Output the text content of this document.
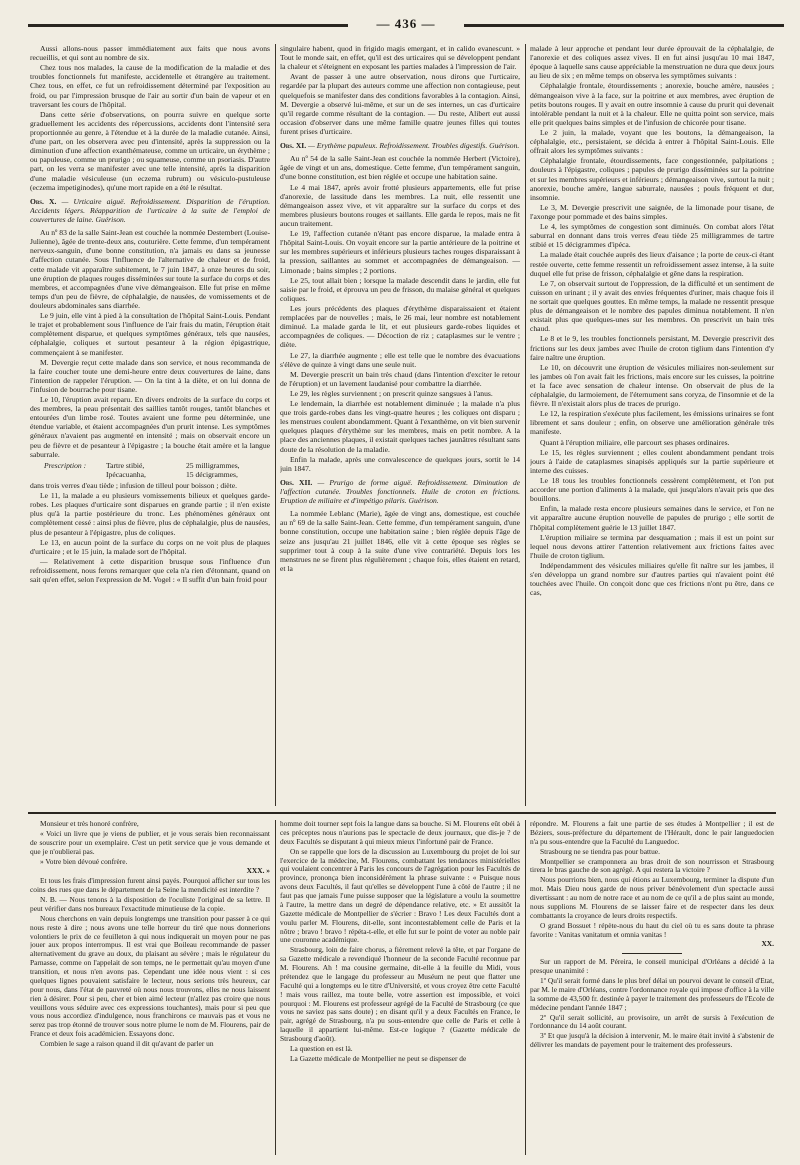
— 436 —

Aussi allons-nous passer immédiatement aux faits que nous avons recueillis, et qui sont au nombre de six.

Chez tous nos malades, la cause de la modification de la maladie et des troubles fonctionnels fut manifeste, accidentelle et étrangère au traitement. Chez tous, en effet, ce fut un refroidissement déterminé par l'exposition au froid, ou par l'impression brusque de l'air au sortir d'un bain de vapeur et en traversant les cours de l'hôpital.

Dans cette série d'observations, on pourra suivre en quelque sorte graduellement les accidents des répercussions, accidents dont l'intensité sera proportionnée au genre, à l'étendue et à la durée de la maladie cutanée. Ainsi, d'une part, on les observera avec peu d'intensité, après la suppression ou la diminution d'une affection exanthémateuse, comme un urticaire, un érythème ; ou papuleuse, comme un prurigo ; ou squameuse, comme un psoriasis. D'autre part, on les verra se manifester avec une telle intensité, après la disparition d'une maladie vésiculeuse (un eczema rubrum) ou vésiculo-pustuleuse (eczema impetiginodes), qu'une mort rapide en a été le résultat.

Obs. X. — Urticaire aiguë. Refroidissement. Disparition de l'éruption. Accidents légers. Réapparition de l'urticaire à la suite de l'emploi de couvertures de laine. Guérison.

Au nº 83 de la salle Saint-Jean est couchée la nommée Destembert (Louise-Julienne), âgée de trente-deux ans, couturière. Cette femme, d'un tempérament nerveux-sanguin, d'une bonne constitution, n'a jamais eu dans sa jeunesse d'affection cutanée. Sous l'influence de l'alternative de chaleur et de froid, cette malade vit apparaître subitement, le 7 juin 1847, à onze heures du soir, une éruption de plaques rouges disséminées sur toute la surface du corps et des membres, et accompagnées d'une vive démangeaison. Elle fut prise en même temps d'un peu de fièvre, de céphalalgie, de nausées, de vomissements et de douleurs abdominales sans diarrhée.

Le 9 juin, elle vint à pied à la consultation de l'hôpital Saint-Louis. Pendant le trajet et probablement sous l'influence de l'air frais du matin, l'éruption était complètement disparue, et quelques symptômes généraux, tels que nausées, céphalalgie, coliques et surtout pesanteur à la région épigastrique, commençaient à se manifester.

M. Devergie reçut cette malade dans son service, et nous recommanda de la faire coucher toute une demi-heure entre deux couvertures de laine, dans l'intention de rappeler l'éruption. — On la tint à la diète, et on lui donna de l'infusion de bourrache pour tisane.

Le 10, l'éruption avait reparu. En divers endroits de la surface du corps et des membres, la peau présentait des saillies tantôt rouges, tantôt blanches et entourées d'un limbe rosé. Toutes avaient une forme peu déterminée, une étendue variable, et étaient accompagnées d'un prurit intense. Les symptômes généraux n'avaient pas augmenté en intensité ; mais on observait encore un peu de fièvre et de pesanteur à l'épigastre ; la bouche était amère et la langue saburrale.

Prescription :	Tartre stibié,	25 milligrammes,
Ipécacuanha,	15 décigrammes,

dans trois verres d'eau tiède ; infusion de tilleul pour boisson ; diète.

Le 11, la malade a eu plusieurs vomissements bilieux et quelques garde-robes. Les plaques d'urticaire sont disparues en grande partie ; il n'en existe plus qu'à la partie postérieure du tronc. Les phénomènes généraux ont complètement cessé : ainsi plus de fièvre, plus de céphalalgie, plus de nausées, plus de pesanteur à l'épigastre, plus de coliques.

Le 13, en aucun point de la surface du corps on ne voit plus de plaques d'urticaire ; et le 15 juin, la malade sort de l'hôpital.

— Relativement à cette disparition brusque sous l'influence d'un refroidissement, nous ferons remarquer que cela n'a rien d'étonnant, quand on sait qu'en effet, selon l'expression de M. Vogel : « Il suffit d'un bain froid pour

singulaire habent, quod in frigido magis emergant, et in calido evanescunt. » Tout le monde sait, en effet, qu'il est des urticaires qui se développent pendant la chaleur et s'éteignent en exposant les parties malades à l'impression de l'air.

Avant de passer à une autre observation, nous dirons que l'urticaire, regardée par la plupart des auteurs comme une affection non contagieuse, peut quelquefois se manifester dans des conditions favorables à la contagion. Ainsi, M. Devergie a observé lui-même, et sur un de ses internes, un cas d'urticaire qu'il regarde comme résultant de la contagion. — Du reste, Alibert eut aussi occasion d'observer dans une même famille quatre jeunes filles qui toutes furent prises d'urticaire.

Obs. XI. — Erythème papuleux. Refroidissement. Troubles digestifs. Guérison.

Au nº 54 de la salle Saint-Jean est couchée la nommée Herbert (Victoire), âgée de vingt et un ans, domestique. Cette femme, d'un tempérament sanguin, d'une bonne constitution, est bien réglée et occupe une habitation saine.

Le 4 mai 1847, après avoir frotté plusieurs appartements, elle fut prise d'anorexie, de lassitude dans les membres. La nuit, elle ressentit une démangeaison assez vive, et vit apparaître sur la surface du corps et des membres plusieurs boutons rouges et saillants. Elle garda le repos, mais ne fit aucun traitement.

Le 19, l'affection cutanée n'étant pas encore disparue, la malade entra à l'hôpital Saint-Louis. On voyait encore sur la partie antérieure de la poitrine et sur les membres supérieurs et inférieurs plusieurs taches rouges disparaissant à la pression, saillantes au sommet et accompagnées de démangeaison. — Limonade ; bains simples ; 2 portions.

Le 25, tout allait bien ; lorsque la malade descendit dans le jardin, elle fut saisie par le froid, et éprouva un peu de frisson, du malaise général et quelques coliques.

Les jours précédents des plaques d'érythème disparaissaient et étaient remplacées par de nouvelles ; mais, le 26 mai, leur nombre est notablement diminué. La malade garda le lit, et eut plusieurs garde-robes liquides et accompagnées de coliques. — Décoction de riz ; cataplasmes sur le ventre ; diète.

Le 27, la diarrhée augmente ; elle est telle que le nombre des évacuations s'élève de quinze à vingt dans une seule nuit.

M. Devergie prescrit un bain très chaud (dans l'intention d'exciter le retour de l'éruption) et un lavement laudanisé pour combattre la diarrhée.

Le 29, les règles surviennent ; on prescrit quinze sangsues à l'anus.

Le lendemain, la diarrhée est notablement diminuée ; la malade n'a plus que trois garde-robes dans les vingt-quatre heures ; les coliques ont disparu ; les menstrues coulent abondamment. Quant à l'exanthème, on vit bien survenir quelques plaques d'érythème sur les membres, mais en petit nombre. A la place des anciennes plaques, il existait quelques taches jaunâtres résultant sans doute de la résolution de la maladie.

Enfin la malade, après une convalescence de quelques jours, sortit le 14 juin 1847.

Obs. XII. — Prurigo de forme aiguë. Refroidissement. Diminution de l'affection cutanée. Troubles fonctionnels. Huile de croton en frictions. Eruption de miliaire et d'impétigo pilaris. Guérison.

La nommée Leblanc (Marie), âgée de vingt ans, domestique, est couchée au nº 69 de la salle Saint-Jean. Cette femme, d'un tempérament sanguin, d'une bonne constitution, occupe une habitation saine ; bien réglée depuis l'âge de seize ans jusqu'au 21 juillet 1846, elle vit à cette époque ses règles se supprimer tout à coup à la suite d'une vive contrariété. Depuis lors les menstrues ne se firent plus régulièrement ; chaque fois, elles étaient en retard, et la

malade à leur approche et pendant leur durée éprouvait de la céphalalgie, de l'anorexie et des coliques assez vives. Il en fut ainsi jusqu'au 10 mai 1847, époque à laquelle sans cause appréciable la menstruation ne dura que deux jours au lieu de six ; en même temps on observa les symptômes suivants :

Céphalalgie frontale, étourdissements ; anorexie, bouche amère, nausées ; démangeaison vive à la face, sur la poitrine et aux membres, avec éruption de petits boutons rouges. Il y avait en outre insomnie à cause du prurit qui devenait intolérable pendant la nuit et à la chaleur. Elle ne quitta point son service, mais elle prit quelques bains simples et de l'infusion de chicorée pour tisane.

Le 2 juin, la malade, voyant que les boutons, la démangeaison, la céphalalgie, etc., persistaient, se décida à entrer à l'hôpital Saint-Louis. Elle offrait alors les symptômes suivants :

Céphalalgie frontale, étourdissements, face congestionnée, palpitations ; douleurs à l'épigastre, coliques ; papules de prurigo disséminées sur la poitrine et sur les membres supérieurs et inférieurs ; démangeaison vive, surtout la nuit ; anorexie, bouche amère, langue saburrale, nausées ; pouls fréquent et dur, insomnie.

Le 3, M. Devergie prescrivit une saignée, de la limonade pour tisane, de l'axonge pour pommade et des bains simples.

Le 4, les symptômes de congestion sont diminués. On combat alors l'état saburral en donnant dans trois verres d'eau tiède 25 milligrammes de tartre stibié et 15 décigrammes d'ipéca.

La malade était couchée auprès des lieux d'aisance ; la porte de ceux-ci étant restée ouverte, cette femme ressentit un refroidissement assez intense, à la suite duquel elle fut prise de frisson, céphalalgie et gêne dans la respiration.

Le 7, on observait surtout de l'oppression, de la difficulté et un sentiment de cuisson en urinant ; il y avait des envies fréquentes d'uriner, mais chaque fois il ne sortait que quelques gouttes. En même temps, la malade ne ressentit presque plus de démangeaison et le nombre des papules diminua notablement. Il n'en existait plus que quelques-unes sur les membres. On prescrivit un bain très chaud.

Le 8 et le 9, les troubles fonctionnels persistant, M. Devergie prescrivit des frictions sur les deux jambes avec l'huile de croton tiglium dans l'intention d'y faire naître une éruption.

Le 10, on découvrit une éruption de vésicules miliaires non-seulement sur les jambes où l'on avait fait les frictions, mais encore sur les cuisses, la poitrine et la face avec sensation de chaleur intense. On observait de plus de la céphalalgie, du larmoiement, de l'éternument sans coryza, de l'insomnie et de la fièvre. Il n'existait alors plus de traces de prurigo.

Le 12, la respiration s'exécute plus facilement, les émissions urinaires se font librement et sans douleur ; enfin, on observe une amélioration générale très manifeste.

Quant à l'éruption miliaire, elle parcourt ses phases ordinaires.

Le 15, les règles surviennent ; elles coulent abondamment pendant trois jours à l'aide de cataplasmes sinapisés appliqués sur la partie supérieure et interne des cuisses.

Le 18 tous les troubles fonctionnels cessèrent complètement, et l'on put accorder une portion d'aliments à la malade, qui jusqu'alors n'avait pris que des bouillons.

Enfin, la malade resta encore plusieurs semaines dans le service, et l'on ne vit apparaître aucune éruption nouvelle de papules de prurigo ; elle sortit de l'hôpital complètement guérie le 13 juillet 1847.

L'éruption miliaire se termina par desquamation ; mais il est un point sur lequel nous devons attirer l'attention relativement aux frictions faites avec l'huile de croton tiglium.

Indépendamment des vésicules miliaires qu'elle fit naître sur les jambes, il s'en développa un grand nombre sur d'autres parties qui n'avaient point été touchées avec l'huile. On conçoit donc que ces frictions n'ont pu être, dans ce cas,

Monsieur et très honoré confrère,

« Voici un livre que je viens de publier, et je vous serais bien reconnaissant de souscrire pour un exemplaire. C'est un petit service que je vous demande et que je n'oublierai pas.

» Votre bien dévoué confrère.

XXX. »

Et tous les frais d'impression furent ainsi payés. Pourquoi afficher sur tous les coins des rues que dans le département de la Seine la mendicité est interdite ?

N. B. — Nous tenons à la disposition de l'oculiste l'original de sa lettre. Il peut vérifier dans nos bureaux l'exactitude minutieuse de la copie.

Nous cherchons en vain depuis longtemps une transition pour passer à ce qui nous reste à dire ; nous avons une telle horreur du tiré que nous donnerions volontiers le prix de ce feuilleton à qui nous indiquerait un moyen pour ne pas jouer aux propos interrompus. Il est vrai que Boileau recommande de passer alternativement du grave au doux, du plaisant au sévère ; mais le régulateur du Parnasse, comme on l'appelait de son temps, ne le permettait qu'au moyen d'une transition, et nous n'en avons pas. Cependant une idée nous vient : si ces quelques lignes pouvaient satisfaire le lecteur, nous serions très heureux, car pour nous, dans l'état de pauvreté où nous nous trouvons, elles ne nous laissent rien à désirer. Pour si peu, cher et bien aimé lecteur (n'allez pas croire que nous veuillons vous séduire avec ces expressions touchantes), mais pour si peu que vous nous accordiez d'indulgence, nous franchirons ce mauvais pas et vous ne serez pas trop étonné de trouver sous notre plume le nom de M. Flourens, pair de France et deux fois académicien. Essayons donc.

Combien le sage a raison quand il dit qu'avant de parler un

homme doit tourner sept fois la langue dans sa bouche. Si M. Flourens eût obéi à ces préceptes nous n'aurions pas le spectacle de deux journaux, que dis-je ? de deux Facultés se disputant à qui mieux mieux l'infortuné pair de France.

On se rappelle que lors de la discussion au Luxembourg du projet de loi sur l'exercice de la médecine, M. Flourens, combattant les tendances ministérielles qui voulaient concentrer à Paris les concours de l'agrégation pour les Facultés de province, prononça bien inconsidérément la phrase suivante : « Puisque nous avons deux Facultés, il faut qu'elles se développent l'une à côté de l'autre ; il ne faut pas que jamais l'une puisse supposer que la législature a voulu la soumettre à l'autre, la mettre dans un degré de dépendance relative, etc. » Et aussitôt la Gazette médicale de Montpellier de s'écrier : Bravo ! Les deux Facultés dont a voulu parler M. Flourens, dit-elle, sont incontestablement celle de Paris et la nôtre ; bravo ! bravo ! répéta-t-elle, et elle fut sur le point de voter au noble pair une couronne académique.

Strasbourg, loin de faire chorus, a fièrement relevé la tête, et par l'organe de sa Gazette médicale a revendiqué l'honneur de la seconde Faculté reconnue par M. Flourens. Ah ! ma cousine germaine, dit-elle à la feuille du Midi, vous prétendez que le langage du professeur au Muséum ne peut que flatter une Faculté qui a longtemps eu le titre d'Université, et vous croyez être cette Faculté ! mais vous raillez, ma toute belle, votre assertion est impossible, et voici pourquoi : M. Flourens est professeur agrégé de la Faculté de Strasbourg (ce que vous ne saviez pas sans doute) ; en disant qu'il y a deux Facultés en France, le pair, agrégé de Strasbourg, n'a pu sous-entendre que celle de Paris et celle à laquelle il appartient lui-même. Est-ce logique ? (Gazette médicale de Strasbourg d'août).

La question en est là.

La Gazette médicale de Montpellier ne peut se dispenser de

répondre. M. Flourens a fait une partie de ses études à Montpellier ; il est de Béziers, sous-préfecture du département de l'Hérault, donc le pair languedocien n'a pu sous-entendre que la Faculté du Languedoc.

Strasbourg ne se tiendra pas pour battue.

Montpellier se cramponnera au bras droit de son nourrisson et Strasbourg tirera le bras gauche de son agrégé. A qui restera la victoire ?

Nous pourrions bien, nous qui étions au Luxembourg, terminer la dispute d'un mot. Mais Dieu nous garde de nous priver bénévolement d'un spectacle aussi divertissant : au nom de notre race et au nom de ce qu'il a de plus saint au monde, nous supplions M. Flourens de se laisser faire et de respecter dans les deux combattants la croyance de leurs droits respectifs.

O grand Bossuet ! répète-nous du haut du ciel où tu es sans doute ta phrase favorite : Vanitas vanitatum et omnia vanitas !

XX.

Sur un rapport de M. Péreira, le conseil municipal d'Orléans a décidé à la presque unanimité :

1º Qu'il serait formé dans le plus bref délai un pourvoi devant le conseil d'Etat, par M. le maire d'Orléans, contre l'ordonnance royale qui impose d'office à la ville la somme de 43,500 fr. destinée à payer le traitement des professeurs de l'Ecole de médecine pendant l'année 1847 ;

2º Qu'il serait sollicité, au provisoire, un arrêt de sursis à l'exécution de l'ordonnance du 14 août courant.

3º Et que jusqu'à la décision à intervenir, M. le maire était invité à s'abstenir de délivrer les mandats de payement pour le traitement des professeurs.
